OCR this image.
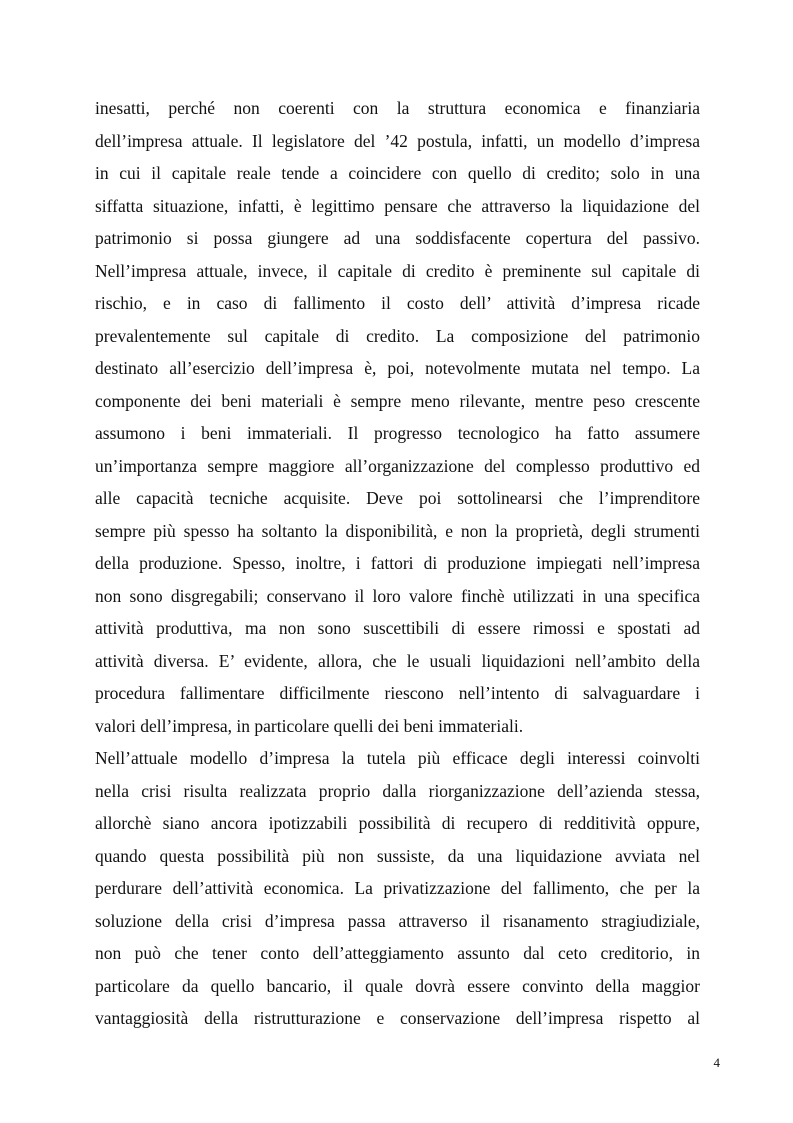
inesatti, perché non coerenti con la struttura economica e finanziaria
dell’impresa attuale. Il legislatore del ’42 postula, infatti, un modello d’impresa
in cui il capitale reale tende a coincidere con quello di credito; solo in una
siffatta situazione, infatti, è legittimo pensare che attraverso la liquidazione del
patrimonio si possa giungere ad una soddisfacente copertura del passivo.
Nell’impresa attuale, invece, il capitale di credito è preminente sul capitale di
rischio, e in caso di fallimento il costo dell’ attività d’impresa ricade
prevalentemente sul capitale di credito. La composizione del patrimonio
destinato all’esercizio dell’impresa è, poi, notevolmente mutata nel tempo. La
componente dei beni materiali è sempre meno rilevante, mentre peso crescente
assumono i beni immateriali. Il progresso tecnologico ha fatto assumere
un’importanza sempre maggiore all’organizzazione del complesso produttivo ed
alle capacità tecniche acquisite. Deve poi sottolinearsi che l’imprenditore
sempre più spesso ha soltanto la disponibilità, e non la proprietà, degli strumenti
della produzione. Spesso, inoltre, i fattori di produzione impiegati nell’impresa
non sono disgregabili; conservano il loro valore finchè utilizzati in una specifica
attività produttiva, ma non sono suscettibili di essere rimossi e spostati ad
attività diversa. E’ evidente, allora, che le usuali liquidazioni nell’ambito della
procedura fallimentare difficilmente riescono nell’intento di salvaguardare i
valori dell’impresa, in particolare quelli dei beni immateriali.
Nell’attuale modello d’impresa la tutela più efficace degli interessi coinvolti
nella crisi risulta realizzata proprio dalla riorganizzazione dell’azienda stessa,
allorchè siano ancora ipotizzabili possibilità di recupero di redditività oppure,
quando questa possibilità più non sussiste, da una liquidazione avviata nel
perdurare dell’attività economica. La privatizzazione del fallimento, che per la
soluzione della crisi d’impresa passa attraverso il risanamento stragiudiziale,
non può che tener conto dell’atteggiamento assunto dal ceto creditorio, in
particolare da quello bancario, il quale dovrà essere convinto della maggior
vantaggiosità della ristrutturazione e conservazione dell’impresa rispetto al
4
